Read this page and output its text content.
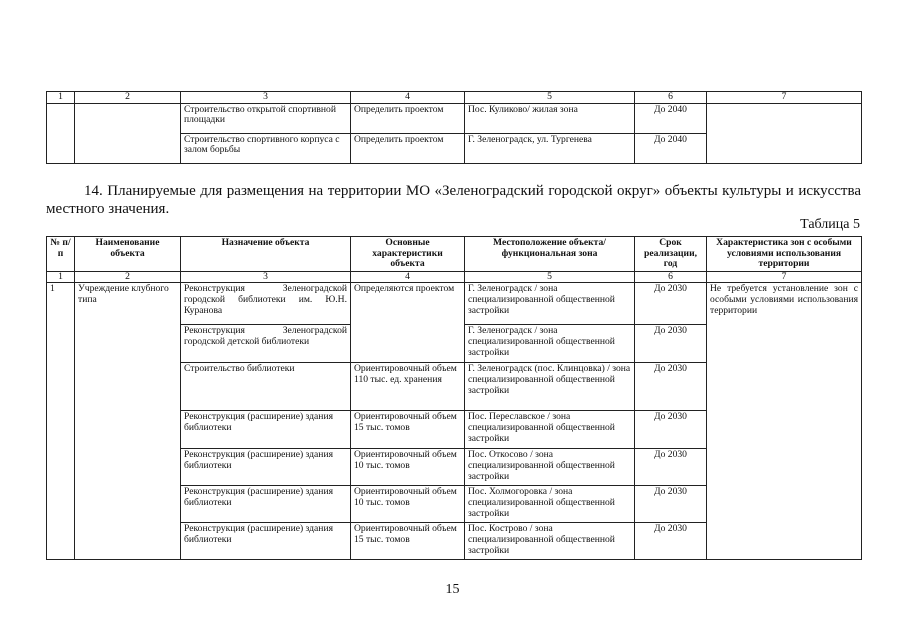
1	2	3	4	5	6	7
		Строительство открытой спортивной площадки	Определить проектом	Пос. Куликово/ жилая зона	До 2040	
		Строительство спортивного корпуса с залом борьбы	Определить проектом	Г. Зеленоградск, ул. Тургенева	До 2040	
14. Планируемые для размещения на территории МО «Зеленоградский городской округ» объекты культуры и искусства местного значения.
Таблица 5
№ п/п	Наименование объекта	Назначение объекта	Основные характеристики объекта	Местоположение объекта/функциональная зона	Срок реализации, год	Характеристика зон с особыми условиями использования территории
1	2	3	4	5	6	7
1	Учреждение клубного типа	Реконструкция Зеленоградской городской библиотеки им. Ю.Н. Куранова	Определяются проектом	Г. Зеленоградск / зона специализированной общественной застройки	До 2030	Не требуется установление зон с особыми условиями использования территории
		Реконструкция Зеленоградской городской детской библиотеки		Г. Зеленоградск / зона специализированной общественной застройки	До 2030	
		Строительство библиотеки	Ориентировочный объем 110 тыс. ед. хранения	Г. Зеленоградск (пос. Клинцовка) / зона специализированной общественной застройки	До 2030	
		Реконструкция (расширение) здания библиотеки	Ориентировочный объем 15 тыс. томов	Пос. Переславское / зона специализированной общественной застройки	До 2030	
		Реконструкция (расширение) здания библиотеки	Ориентировочный объем 10 тыс. томов	Пос. Откосово / зона специализированной общественной застройки	До 2030	
		Реконструкция (расширение) здания библиотеки	Ориентировочный объем 10 тыс. томов	Пос. Холмогоровка / зона специализированной общественной застройки	До 2030	
		Реконструкция (расширение) здания библиотеки	Ориентировочный объем 15 тыс. томов	Пос. Кострово / зона специализированной общественной застройки	До 2030	
15
